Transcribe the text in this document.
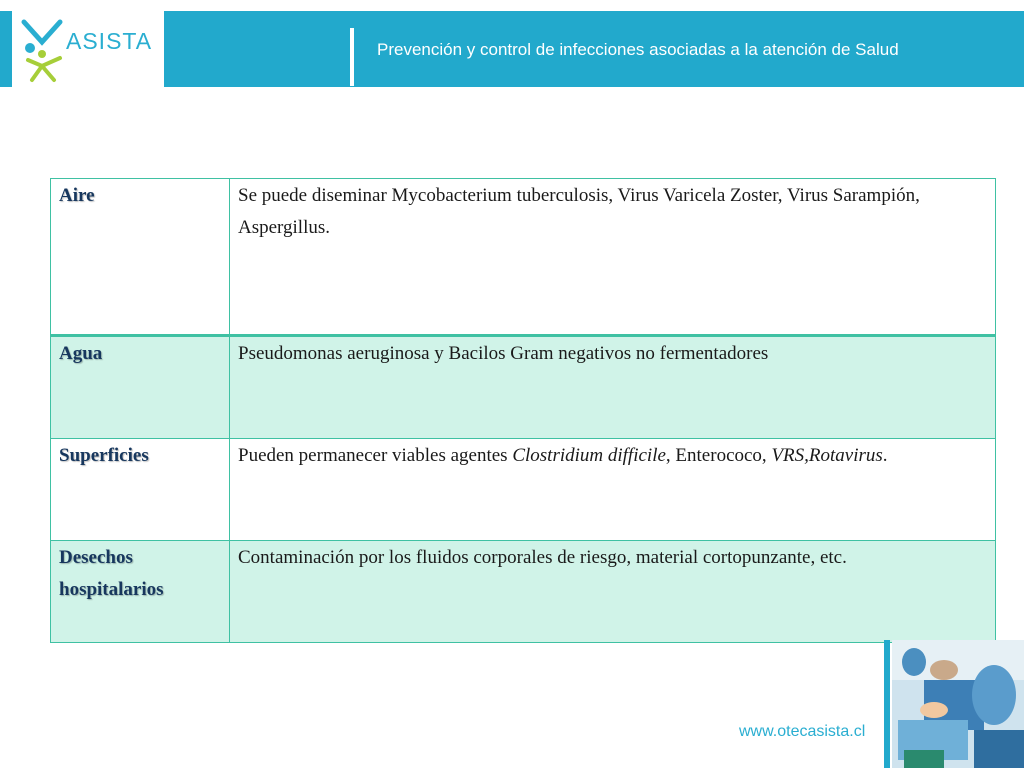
ASISTA	Prevención y control de infecciones asociadas a la atención de Salud
Aire	Se puede diseminar Mycobacterium tuberculosis, Virus Varicela Zoster, Virus Sarampión, Aspergillus.
Agua	Pseudomonas aeruginosa y Bacilos Gram negativos no fermentadores
Superficies	Pueden permanecer viables agentes Clostridium difficile, Enterococo, VRS,Rotavirus.
Desechos
hospitalarios	Contaminación por los fluidos corporales de riesgo, material cortopunzante, etc.
www.otecasista.cl
